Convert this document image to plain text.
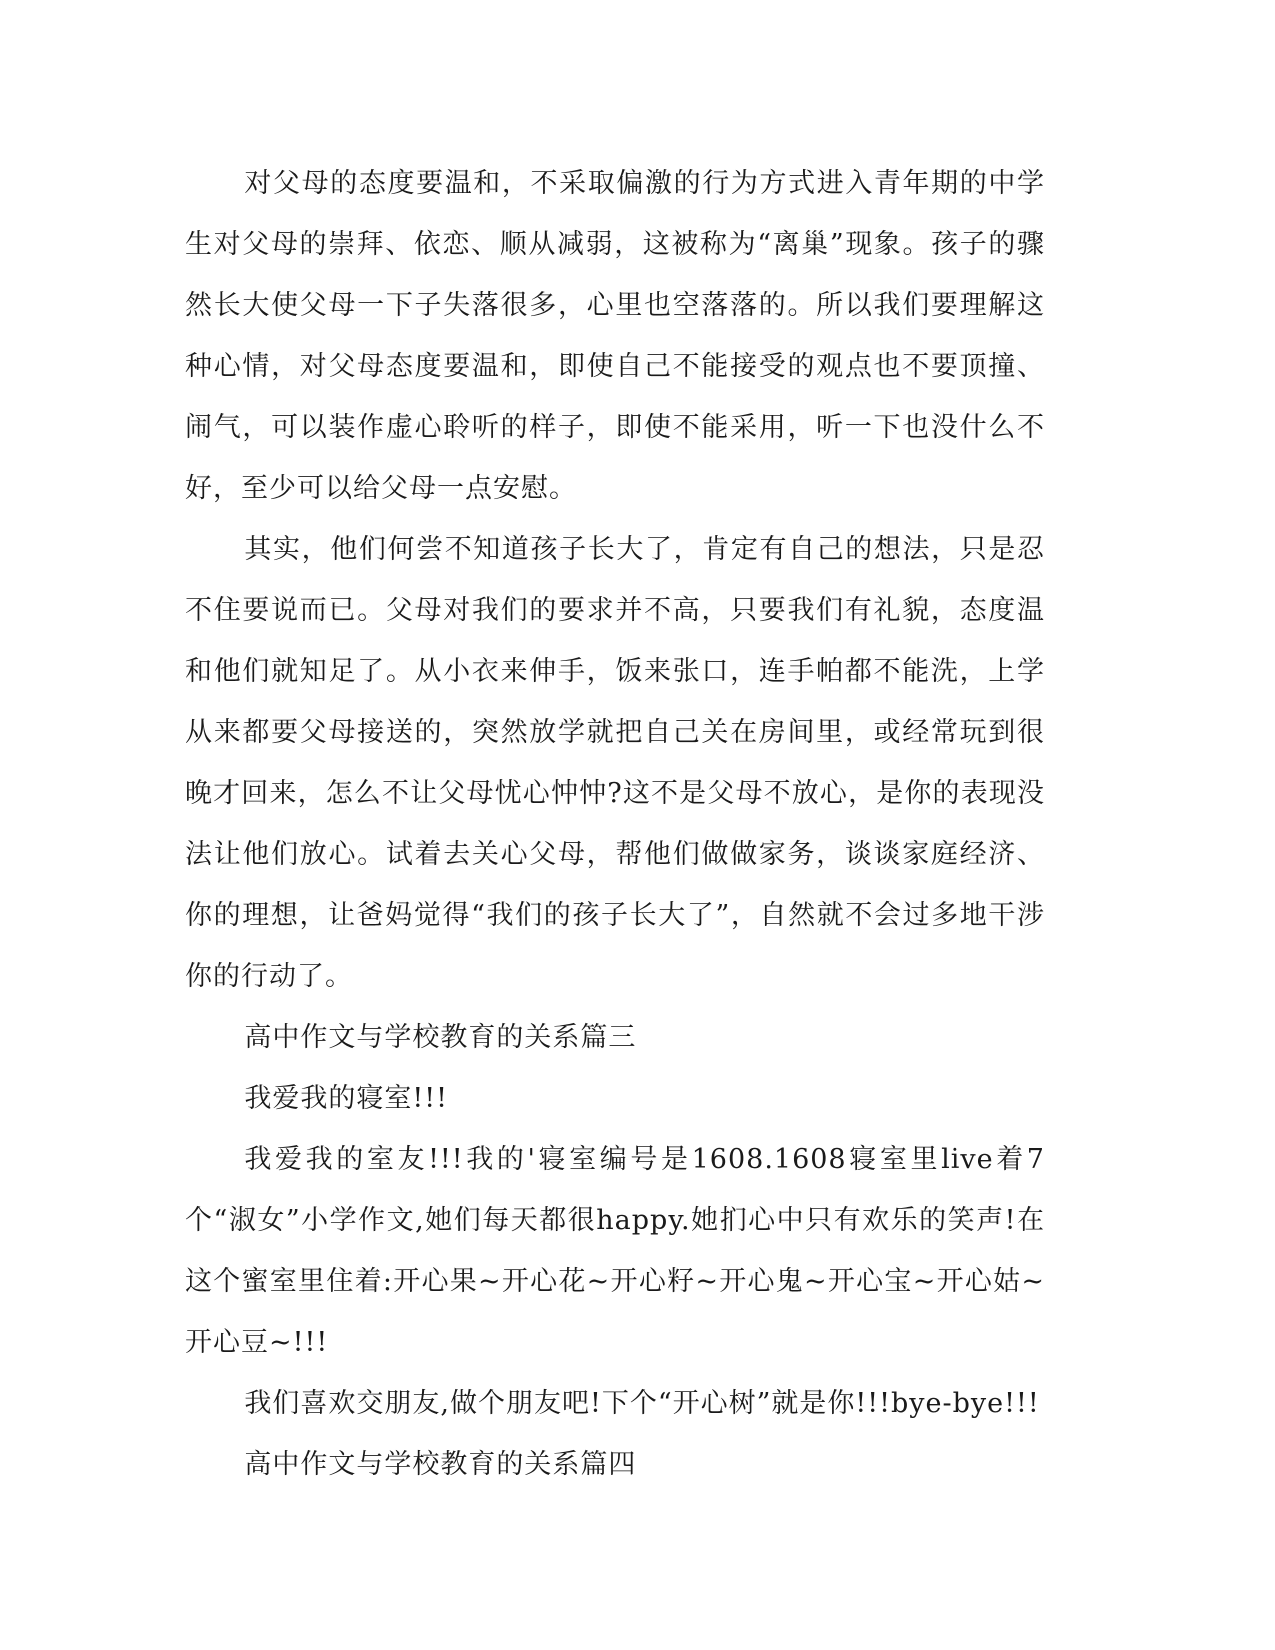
对父母的态度要温和，不采取偏激的行为方式进入青年期的中学生对父母的崇拜、依恋、顺从减弱，这被称为“离巢”现象。孩子的骤然长大使父母一下子失落很多，心里也空落落的。所以我们要理解这种心情，对父母态度要温和，即使自己不能接受的观点也不要顶撞、闹气，可以装作虚心聆听的样子，即使不能采用，听一下也没什么不好，至少可以给父母一点安慰。

其实，他们何尝不知道孩子长大了，肯定有自己的想法，只是忍不住要说而已。父母对我们的要求并不高，只要我们有礼貌，态度温和他们就知足了。从小衣来伸手，饭来张口，连手帕都不能洗，上学从来都要父母接送的，突然放学就把自己关在房间里，或经常玩到很晚才回来，怎么不让父母忧心忡忡?这不是父母不放心，是你的表现没法让他们放心。试着去关心父母，帮他们做做家务，谈谈家庭经济、你的理想，让爸妈觉得“我们的孩子长大了”，自然就不会过多地干涉你的行动了。

高中作文与学校教育的关系篇三

我爱我的寝室!!!

我爱我的室友!!!我的'寝室编号是1608.1608寝室里live着7个“淑女”小学作文,她们每天都很happy.她扪心中只有欢乐的笑声!在这个蜜室里住着:开心果~开心花~开心籽~开心鬼~开心宝~开心姑~开心豆~!!!

我们喜欢交朋友,做个朋友吧!下个“开心树”就是你!!!bye-bye!!!

高中作文与学校教育的关系篇四
